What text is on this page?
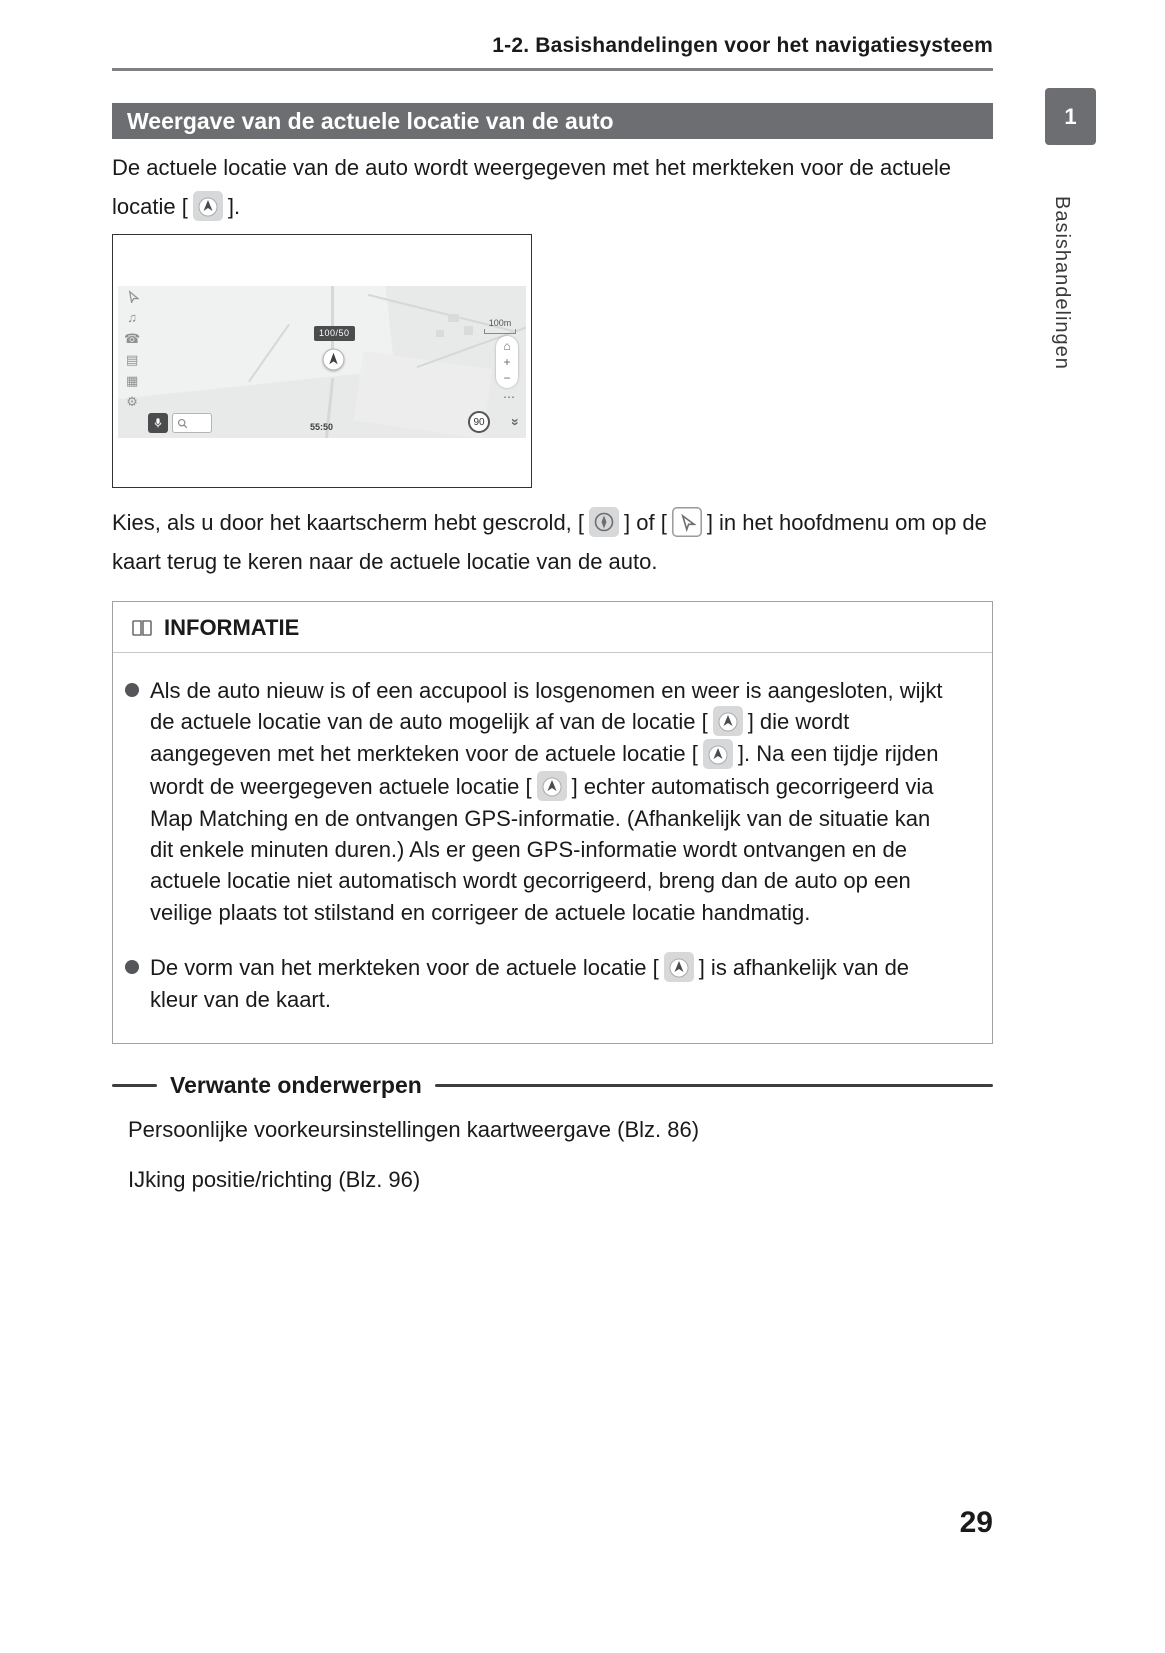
1-2. Basishandelingen voor het navigatiesysteem
Weergave van de actuele locatie van de auto

De actuele locatie van de auto wordt weergegeven met het merkteken voor de actuele locatie [ ].

♫
☎
▤
▦
⚙
100/50
100m
⌂
+
−
⋯
55:50	90	»

Kies, als u door het kaartscherm hebt gescrold, [ ] of [ ] in het hoofdmenu om op de kaart terug te keren naar de actuele locatie van de auto.

INFORMATIE
Als de auto nieuw is of een accupool is losgenomen en weer is aangesloten, wijkt de actuele locatie van de auto mogelijk af van de locatie [ ] die wordt aangegeven met het merkteken voor de actuele locatie [ ]. Na een tijdje rijden wordt de weergegeven actuele locatie [ ] echter automatisch gecorrigeerd via Map Matching en de ontvangen GPS-informatie. (Afhankelijk van de situatie kan dit enkele minuten duren.) Als er geen GPS-informatie wordt ontvangen en de actuele locatie niet automatisch wordt gecorrigeerd, breng dan de auto op een veilige plaats tot stilstand en corrigeer de actuele locatie handmatig.
De vorm van het merkteken voor de actuele locatie [ ] is afhankelijk van de kleur van de kaart.
Verwante onderwerpen
Persoonlijke voorkeursinstellingen kaartweergave (Blz. 86)
IJking positie/richting (Blz. 96)
1
Basishandelingen
29
